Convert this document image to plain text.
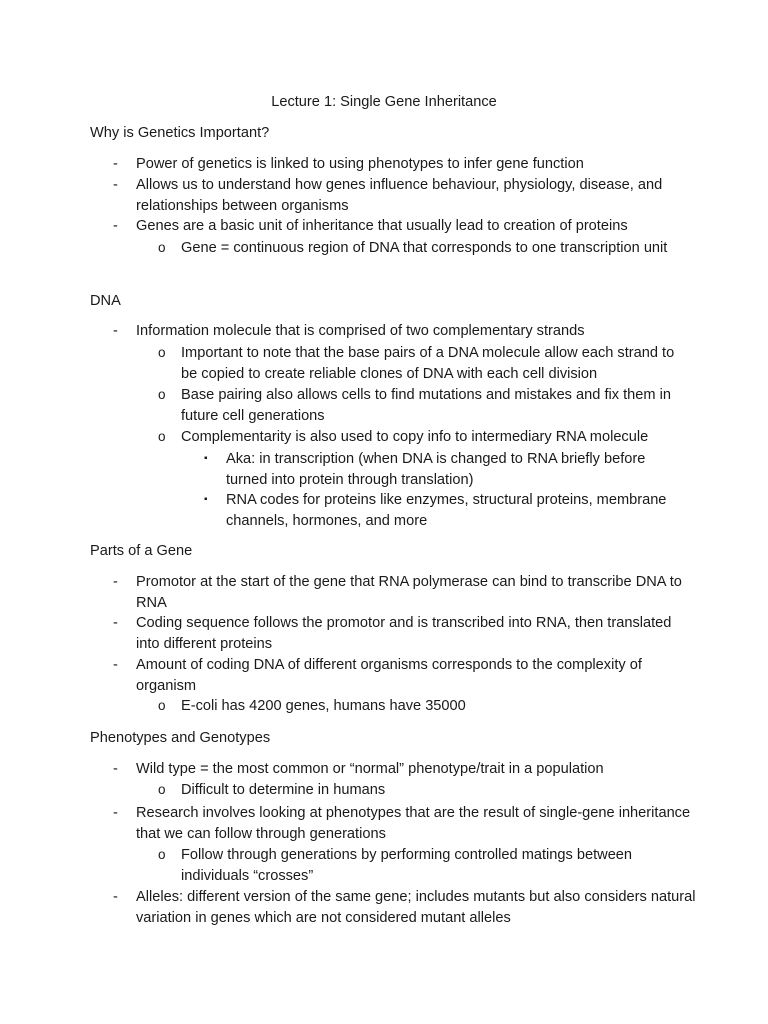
Lecture 1: Single Gene Inheritance
Why is Genetics Important?
- Power of genetics is linked to using phenotypes to infer gene function
- Allows us to understand how genes influence behaviour, physiology, disease, and relationships between organisms
- Genes are a basic unit of inheritance that usually lead to creation of proteins
o Gene = continuous region of DNA that corresponds to one transcription unit
DNA
- Information molecule that is comprised of two complementary strands
o Important to note that the base pairs of a DNA molecule allow each strand to be copied to create reliable clones of DNA with each cell division
o Base pairing also allows cells to find mutations and mistakes and fix them in future cell generations
o Complementarity is also used to copy info to intermediary RNA molecule
▪ Aka: in transcription (when DNA is changed to RNA briefly before turned into protein through translation)
▪ RNA codes for proteins like enzymes, structural proteins, membrane channels, hormones, and more
Parts of a Gene
- Promotor at the start of the gene that RNA polymerase can bind to transcribe DNA to RNA
- Coding sequence follows the promotor and is transcribed into RNA, then translated into different proteins
- Amount of coding DNA of different organisms corresponds to the complexity of organism
o E-coli has 4200 genes, humans have 35000
Phenotypes and Genotypes
- Wild type = the most common or “normal” phenotype/trait in a population
o Difficult to determine in humans
- Research involves looking at phenotypes that are the result of single-gene inheritance that we can follow through generations
o Follow through generations by performing controlled matings between individuals “crosses”
- Alleles: different version of the same gene; includes mutants but also considers natural variation in genes which are not considered mutant alleles
